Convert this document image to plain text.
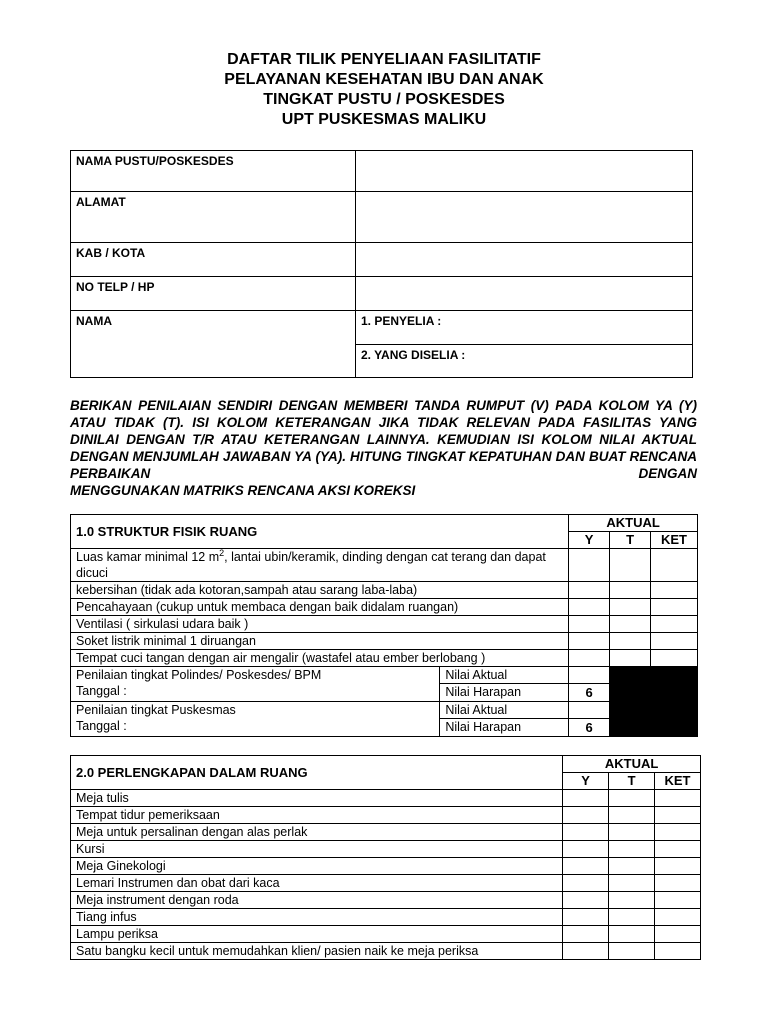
DAFTAR TILIK PENYELIAAN FASILITATIF
PELAYANAN KESEHATAN IBU DAN ANAK
TINGKAT PUSTU / POSKESDES
UPT PUSKESMAS MALIKU
NAMA PUSTU/POSKESDES	
ALAMAT	
KAB / KOTA	
NO TELP / HP	
NAMA	1. PENYELIA :
	2. YANG DISELIA :
BERIKAN PENILAIAN SENDIRI DENGAN MEMBERI TANDA RUMPUT (V) PADA KOLOM YA (Y) ATAU TIDAK (T). ISI KOLOM KETERANGAN JIKA TIDAK RELEVAN PADA FASILITAS YANG DINILAI DENGAN T/R ATAU KETERANGAN LAINNYA. KEMUDIAN ISI KOLOM NILAI AKTUAL DENGAN MENJUMLAH JAWABAN YA (YA). HITUNG TINGKAT KEPATUHAN DAN BUAT RENCANA PERBAIKAN DENGAN
MENGGUNAKAN MATRIKS RENCANA AKSI KOREKSI
1.0 STRUKTUR FISIK RUANG		AKTUAL		
		Y	T	KET
Luas kamar minimal 12 $m^2$, lantai ubin/keramik, dinding dengan cat terang dan dapat dicuci				
kebersihan (tidak ada kotoran,sampah atau sarang laba-laba)				
Pencahayaan (cukup untuk membaca dengan baik didalam ruangan)				
Ventilasi ( sirkulasi udara baik )				
Soket listrik minimal 1 diruangan				
Tempat cuci tangan dengan air mengalir (wastafel atau ember berlobang )				

Penilaian tingkat Polindes/ Poskesdes/ BPM
Tanggal :	Nilai Aktual			
	Nilai Harapan	6		

Penilaian tingkat Puskesmas
Tanggal :	Nilai Aktual			
	Nilai Harapan	6		
2.0 PERLENGKAPAN DALAM RUANG	AKTUAL		
	Y	T	KET
Meja tulis			
Tempat tidur pemeriksaan			
Meja untuk persalinan dengan alas perlak			
Kursi			
Meja Ginekologi			
Lemari Instrumen dan obat dari kaca			
Meja instrument dengan roda			
Tiang infus			
Lampu periksa			
Satu bangku kecil untuk memudahkan klien/ pasien naik ke meja periksa			
